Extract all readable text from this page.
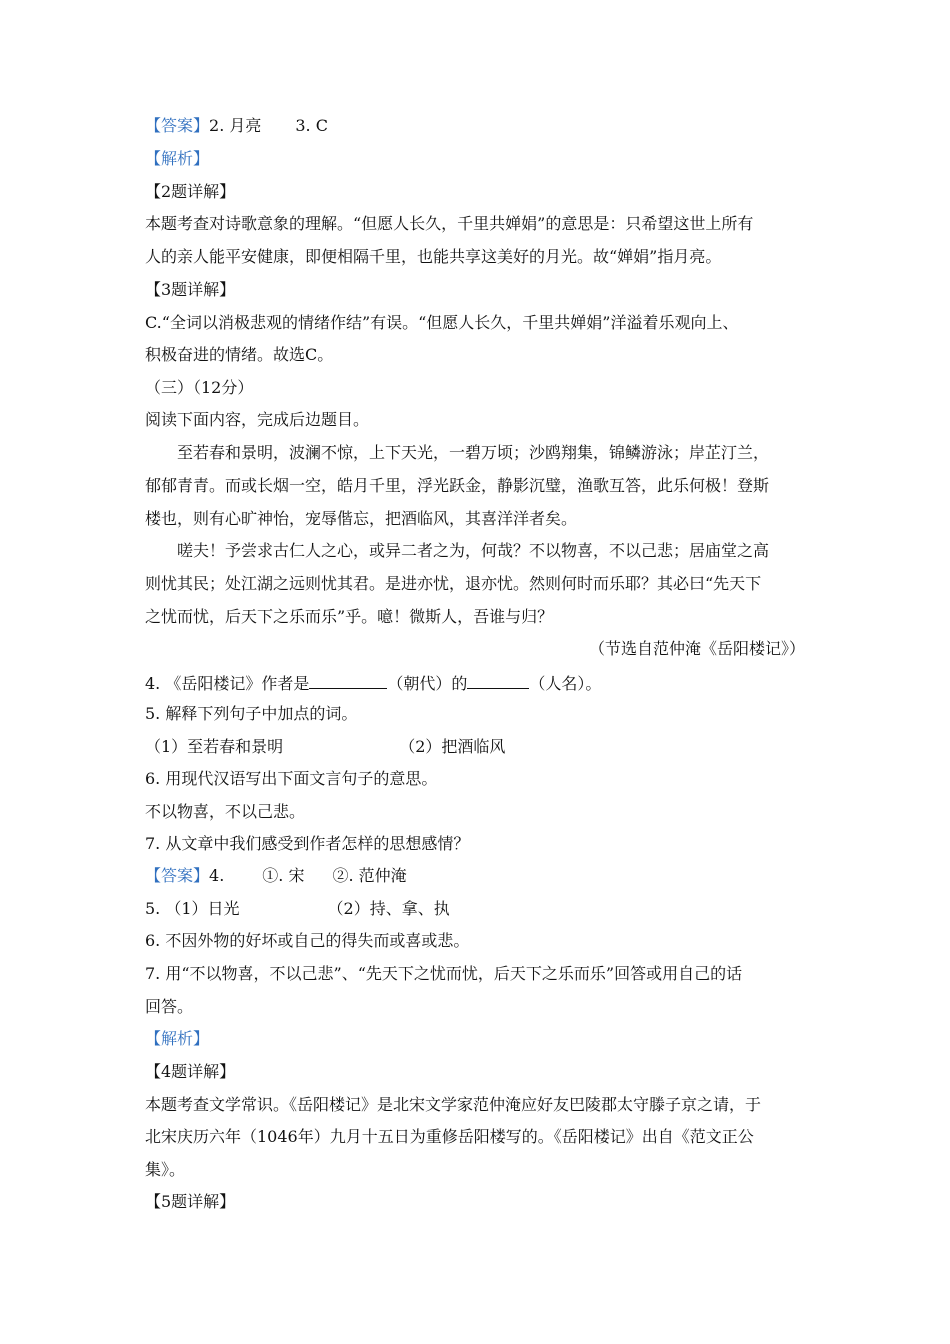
【答案】2. 月亮 3. C
【解析】
【2题详解】
本题考查对诗歌意象的理解。“但愿人长久，千里共婵娟”的意思是：只希望这世上所有
人的亲人能平安健康，即便相隔千里，也能共享这美好的月光。故“婵娟”指月亮。
【3题详解】
C.“全词以消极悲观的情绪作结”有误。“但愿人长久，千里共婵娟”洋溢着乐观向上、
积极奋进的情绪。故选C。
（三）（12分）
阅读下面内容，完成后边题目。
至若春和景明，波澜不惊，上下天光，一碧万顷；沙鸥翔集，锦鳞游泳；岸芷汀兰，
郁郁青青。而或长烟一空，皓月千里，浮光跃金，静影沉璧，渔歌互答，此乐何极！登斯
楼也，则有心旷神怡，宠辱偕忘，把酒临风，其喜洋洋者矣。
嗟夫！予尝求古仁人之心，或异二者之为，何哉？不以物喜，不以己悲；居庙堂之高
则忧其民；处江湖之远则忧其君。是进亦忧，退亦忧。然则何时而乐耶？其必曰“先天下
之忧而忧，后天下之乐而乐”乎。噫！微斯人，吾谁与归？
（节选自范仲淹《岳阳楼记》）
4. 《岳阳楼记》作者是	（朝代）的	（人名）。
5. 解释下列句子中加点的词。
（1）至若春和景明	（2）把酒临风
6. 用现代汉语写出下面文言句子的意思。
不以物喜，不以己悲。
7. 从文章中我们感受到作者怎样的思想感情？
【答案】4. ①. 宋 ②. 范仲淹
5. （1）日光	（2）持、拿、执
6. 不因外物的好坏或自己的得失而或喜或悲。
7. 用“不以物喜，不以己悲”、“先天下之忧而忧，后天下之乐而乐”回答或用自己的话
回答。
【解析】
【4题详解】
本题考查文学常识。《岳阳楼记》是北宋文学家范仲淹应好友巴陵郡太守滕子京之请，于
北宋庆历六年（1046年）九月十五日为重修岳阳楼写的。《岳阳楼记》出自《范文正公
集》。
【5题详解】
